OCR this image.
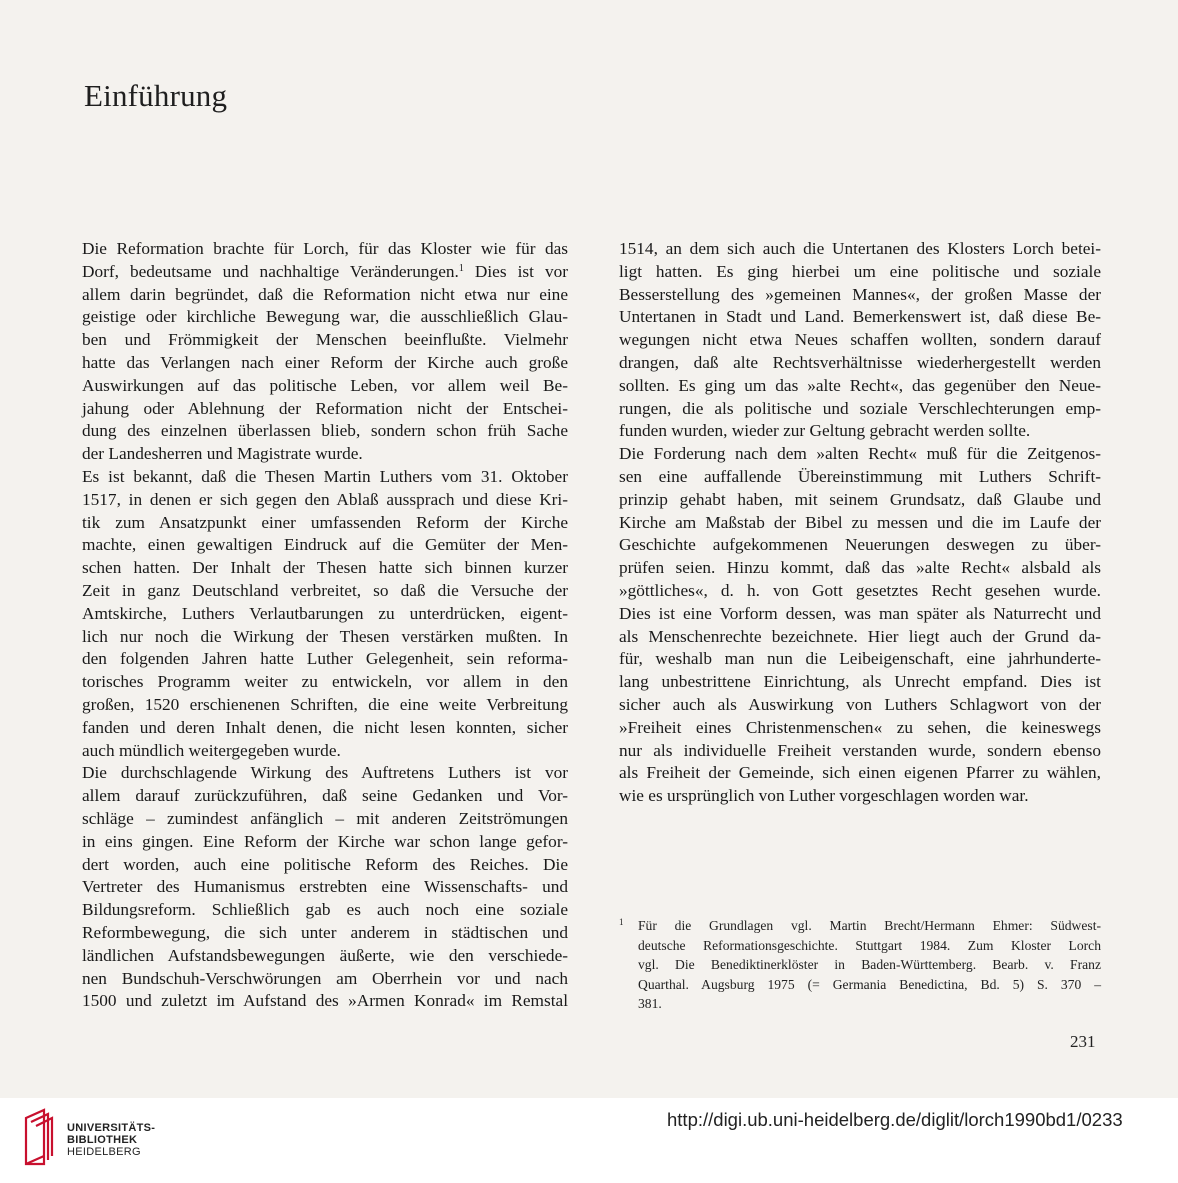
Einführung
Die Reformation brachte für Lorch, für das Kloster wie für das
Dorf, bedeutsame und nachhaltige Veränderungen.$^1$ Dies ist vor
allem darin begründet, daß die Reformation nicht etwa nur eine
geistige oder kirchliche Bewegung war, die ausschließlich Glau-
ben und Frömmigkeit der Menschen beeinflußte. Vielmehr
hatte das Verlangen nach einer Reform der Kirche auch große
Auswirkungen auf das politische Leben, vor allem weil Be-
jahung oder Ablehnung der Reformation nicht der Entschei-
dung des einzelnen überlassen blieb, sondern schon früh Sache
der Landesherren und Magistrate wurde.
Es ist bekannt, daß die Thesen Martin Luthers vom 31. Oktober
1517, in denen er sich gegen den Ablaß aussprach und diese Kri-
tik zum Ansatzpunkt einer umfassenden Reform der Kirche
machte, einen gewaltigen Eindruck auf die Gemüter der Men-
schen hatten. Der Inhalt der Thesen hatte sich binnen kurzer
Zeit in ganz Deutschland verbreitet, so daß die Versuche der
Amtskirche, Luthers Verlautbarungen zu unterdrücken, eigent-
lich nur noch die Wirkung der Thesen verstärken mußten. In
den folgenden Jahren hatte Luther Gelegenheit, sein reforma-
torisches Programm weiter zu entwickeln, vor allem in den
großen, 1520 erschienenen Schriften, die eine weite Verbreitung
fanden und deren Inhalt denen, die nicht lesen konnten, sicher
auch mündlich weitergegeben wurde.
Die durchschlagende Wirkung des Auftretens Luthers ist vor
allem darauf zurückzuführen, daß seine Gedanken und Vor-
schläge – zumindest anfänglich – mit anderen Zeitströmungen
in eins gingen. Eine Reform der Kirche war schon lange gefor-
dert worden, auch eine politische Reform des Reiches. Die
Vertreter des Humanismus erstrebten eine Wissenschafts- und
Bildungsreform. Schließlich gab es auch noch eine soziale
Reformbewegung, die sich unter anderem in städtischen und
ländlichen Aufstandsbewegungen äußerte, wie den verschiede-
nen Bundschuh-Verschwörungen am Oberrhein vor und nach
1500 und zuletzt im Aufstand des »Armen Konrad« im Remstal
1514, an dem sich auch die Untertanen des Klosters Lorch betei-
ligt hatten. Es ging hierbei um eine politische und soziale
Besserstellung des »gemeinen Mannes«, der großen Masse der
Untertanen in Stadt und Land. Bemerkenswert ist, daß diese Be-
wegungen nicht etwa Neues schaffen wollten, sondern darauf
drangen, daß alte Rechtsverhältnisse wiederhergestellt werden
sollten. Es ging um das »alte Recht«, das gegenüber den Neue-
rungen, die als politische und soziale Verschlechterungen emp-
funden wurden, wieder zur Geltung gebracht werden sollte.
Die Forderung nach dem »alten Recht« muß für die Zeitgenos-
sen eine auffallende Übereinstimmung mit Luthers Schrift-
prinzip gehabt haben, mit seinem Grundsatz, daß Glaube und
Kirche am Maßstab der Bibel zu messen und die im Laufe der
Geschichte aufgekommenen Neuerungen deswegen zu über-
prüfen seien. Hinzu kommt, daß das »alte Recht« alsbald als
»göttliches«, d. h. von Gott gesetztes Recht gesehen wurde.
Dies ist eine Vorform dessen, was man später als Naturrecht und
als Menschenrechte bezeichnete. Hier liegt auch der Grund da-
für, weshalb man nun die Leibeigenschaft, eine jahrhunderte-
lang unbestrittene Einrichtung, als Unrecht empfand. Dies ist
sicher auch als Auswirkung von Luthers Schlagwort von der
»Freiheit eines Christenmenschen« zu sehen, die keineswegs
nur als individuelle Freiheit verstanden wurde, sondern ebenso
als Freiheit der Gemeinde, sich einen eigenen Pfarrer zu wählen,
wie es ursprünglich von Luther vorgeschlagen worden war.
1 Für die Grundlagen vgl. Martin Brecht/Hermann Ehmer: Südwest-
deutsche Reformationsgeschichte. Stuttgart 1984. Zum Kloster Lorch
vgl. Die Benediktinerklöster in Baden-Württemberg. Bearb. v. Franz
Quarthal. Augsburg 1975 (= Germania Benedictina, Bd. 5) S. 370 –
381.
231
UNIVERSITÄTS-
BIBLIOTHEK
HEIDELBERG
http://digi.ub.uni-heidelberg.de/diglit/lorch1990bd1/0233
